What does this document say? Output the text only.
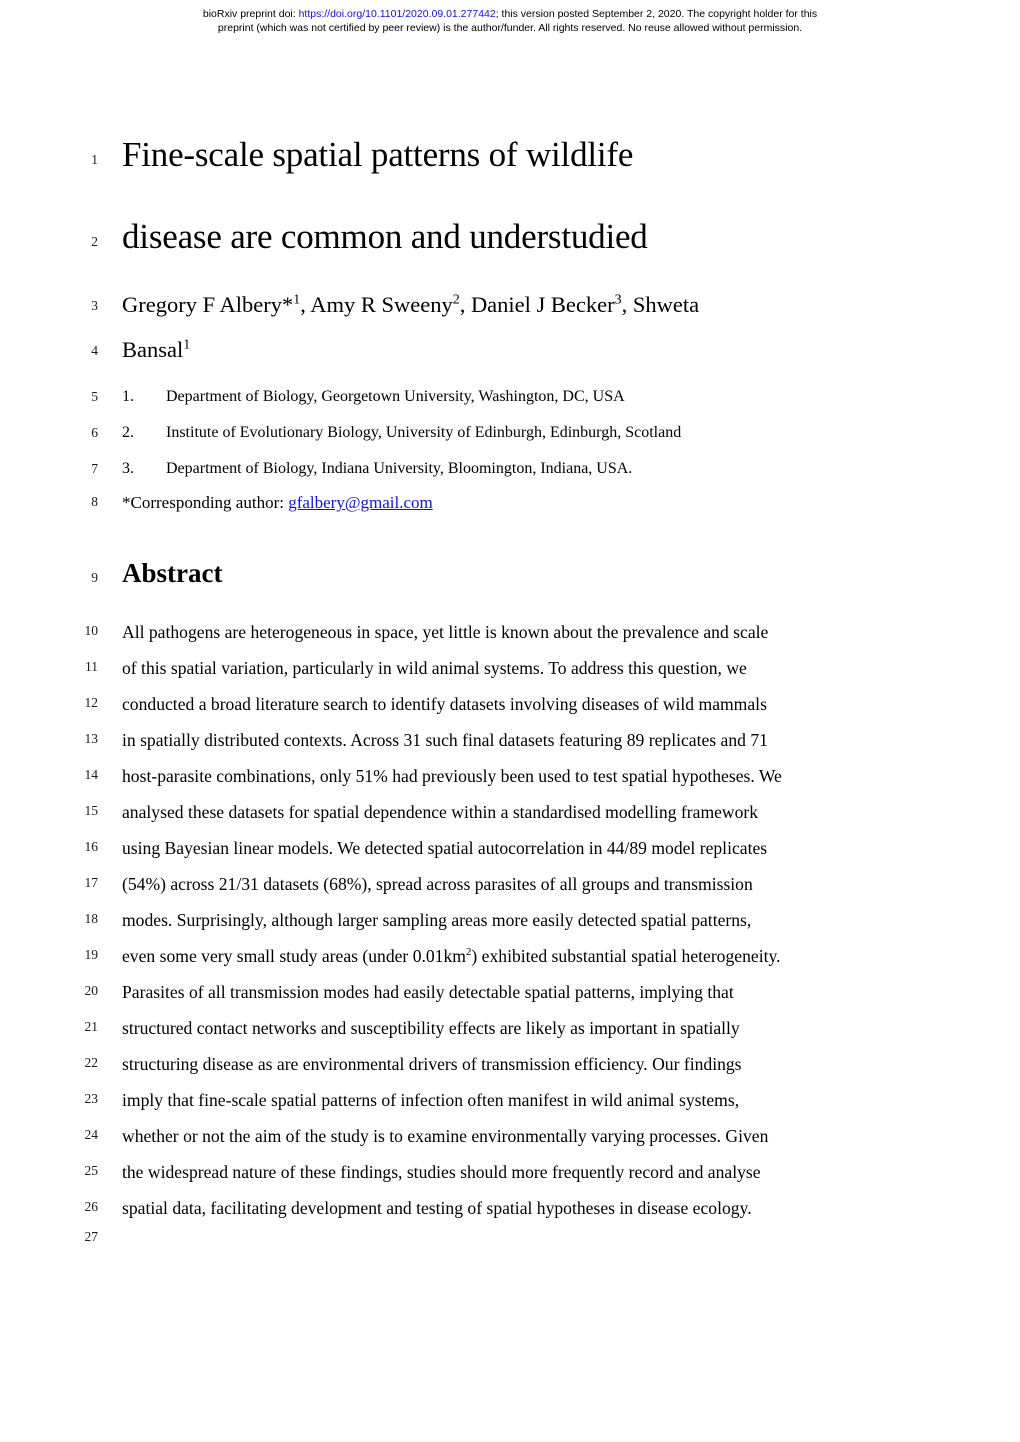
bioRxiv preprint doi: https://doi.org/10.1101/2020.09.01.277442; this version posted September 2, 2020. The copyright holder for this
preprint (which was not certified by peer review) is the author/funder. All rights reserved. No reuse allowed without permission.
1 Fine-scale spatial patterns of wildlife
2 disease are common and understudied
3 Gregory F Albery*$^1$, Amy R Sweeny$^2$, Daniel J Becker$^3$, Shweta
4 Bansal$^1$
5 1.	Department of Biology, Georgetown University, Washington, DC, USA
6 2.	Institute of Evolutionary Biology, University of Edinburgh, Edinburgh, Scotland
7 3.	Department of Biology, Indiana University, Bloomington, Indiana, USA.
8 *Corresponding author: gfalbery@gmail.com
9 Abstract
10 All pathogens are heterogeneous in space, yet little is known about the prevalence and scale
11 of this spatial variation, particularly in wild animal systems. To address this question, we
12 conducted a broad literature search to identify datasets involving diseases of wild mammals
13 in spatially distributed contexts. Across 31 such final datasets featuring 89 replicates and 71
14 host-parasite combinations, only 51% had previously been used to test spatial hypotheses. We
15 analysed these datasets for spatial dependence within a standardised modelling framework
16 using Bayesian linear models. We detected spatial autocorrelation in 44/89 model replicates
17 (54%) across 21/31 datasets (68%), spread across parasites of all groups and transmission
18 modes. Surprisingly, although larger sampling areas more easily detected spatial patterns,
19 even some very small study areas (under $0.01km^2$) exhibited substantial spatial heterogeneity.
20 Parasites of all transmission modes had easily detectable spatial patterns, implying that
21 structured contact networks and susceptibility effects are likely as important in spatially
22 structuring disease as are environmental drivers of transmission efficiency. Our findings
23 imply that fine-scale spatial patterns of infection often manifest in wild animal systems,
24 whether or not the aim of the study is to examine environmentally varying processes. Given
25 the widespread nature of these findings, studies should more frequently record and analyse
26 spatial data, facilitating development and testing of spatial hypotheses in disease ecology.
27
